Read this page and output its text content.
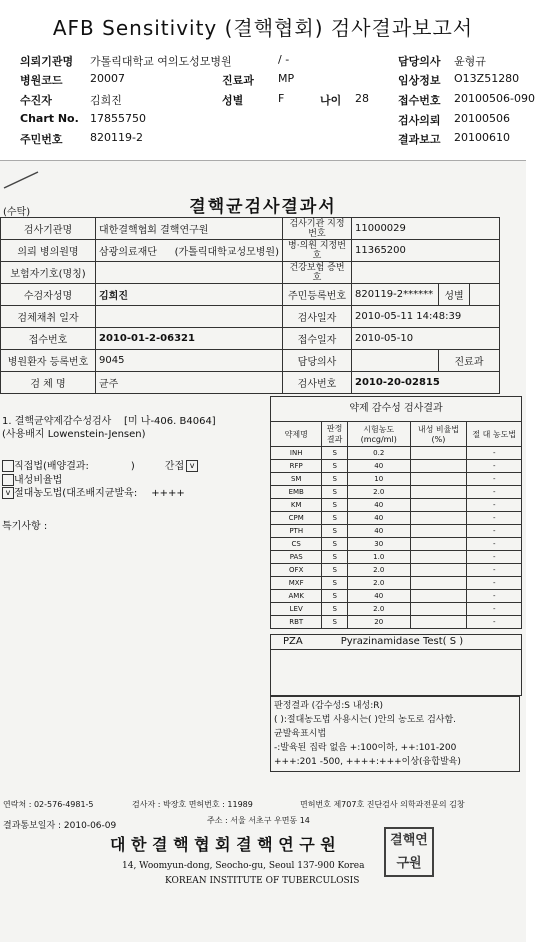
AFB Sensitivity (결핵협회) 검사결과보고서
의뢰기관명 가톨릭대학교 여의도성모병원	/ -	담당의사 윤형규
병원코드 20007	진료과 MP	임상정보 O13Z51280
수진자	김희진	성별	F	나이 28	접수번호 20100506-090
Chart No. 17855750	검사의뢰 20100506
주민번호 820119-2	결과보고 20100610
(수탁)	결핵균검사결과서
검사기관명	대한결핵협회 결핵연구원	검사기관 지정번호	11000029		
의뢰 병의원명	삼광의료재단 (가톨릭대학교성모병원)	병·의원 지정번호	11365200		
보험자기호(명칭)		건강보험 증번호			
수검자성명	김희진	주민등록번호	820119-2******	성별	
검체채취 일자		검사일자	2010-05-11 14:48:39		
접수번호	2010-01-2-06321	접수일자	2010-05-10		
병원환자 등록번호	9045	담당의사		진료과	
검 체 명	균주	검사번호	2010-20-02815		
1. 결핵균약제감수성검사 [미 나-406. B4064]
(사용배지 Lowenstein-Jensen)
직접법(배양결과:	)	간접 v
내성비율법
v 절대농도법(대조배지균발육: ++++
특기사항 :
약제 감수성 검사결과
약제명	판정 결과	시험농도 (mcg/ml)	내성 비율법(%)	절 대 농도법
INH	S	0.2		-
RFP	S	40		-
SM	S	10		-
EMB	S	2.0		-
KM	S	40		-
CPM	S	40		-
PTH	S	40		-
CS	S	30		-
PAS	S	1.0		-
OFX	S	2.0		-
MXF	S	2.0		-
AMK	S	40		-
LEV	S	2.0		-
RBT	S	20		-
PZA	Pyrazinamidase Test( S )
판정결과 (감수성:S 내성:R)
( ):절대농도법 사용시는( )안의 농도로 검사함.
균발육표시법
-:발육된 집락 없음 +:100이하, ++:101-200
+++:201 -500, ++++:+++이상(융합발육)
연락처 : 02-576-4981-5	검사자 : 박장호 면허번호 : 11989	면허번호 제707호 진단검사 의학과전문의 김창
결과통보일자 : 2010-06-09
주소 : 서울 서초구 우면동 14
대 한 결 핵 협 회 결 핵 연 구 원
14, Woomyun-dong, Seocho-gu, Seoul 137-900 Korea
KOREAN INSTITUTE OF TUBERCULOSIS
결핵연구원
